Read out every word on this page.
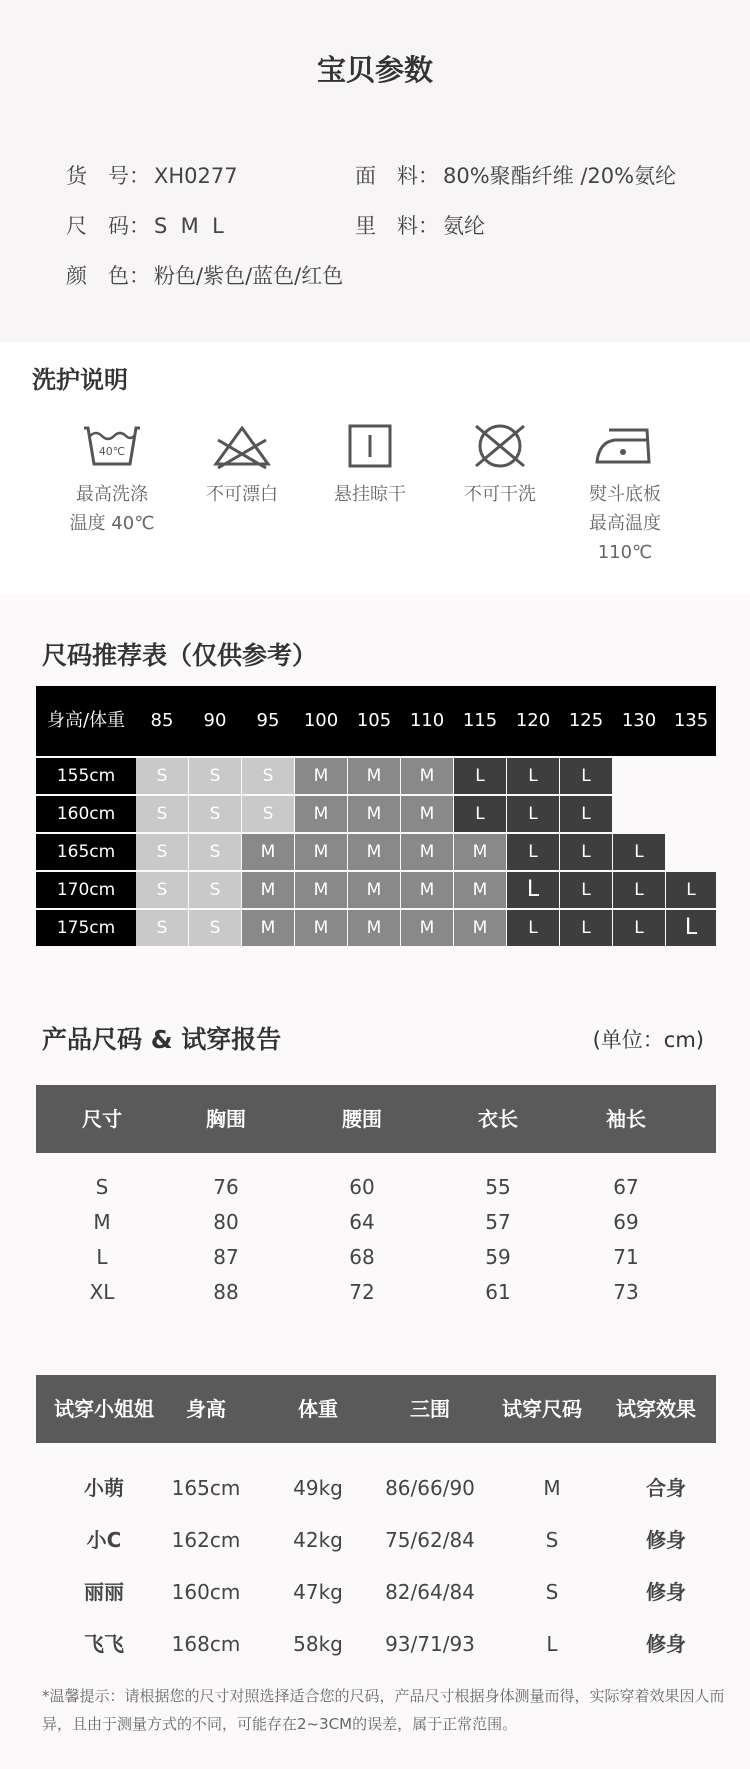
宝贝参数
货　号： XH0277	面　料： 80%聚酯纤维 /20%氨纶
尺　码： S  M  L	里　料： 氨纶
颜　色： 粉色/紫色/蓝色/红色
洗护说明
40℃
最高洗涤
温度 40℃
不可漂白	悬挂晾干	不可干洗	熨斗底板
最高温度
110℃
尺码推荐表（仅供参考）
身高/体重	85	90	95	100	105	110	115	120	125	130 135
155cm	S	S	S	M	M	M	L	L	L
160cm	S	S	S	M	M	M	L	L	L
165cm	S	S	M	M	M	M	M	L	L	L
170cm	S	S	M	M	M	M	M	L	L	L	L
175cm	S	S	M	M	M	M	M	L	L	L	L
产品尺码 & 试穿报告	(单位：cm)
尺寸	胸围	腰围	衣长	袖长
S	76	60	55	67
M	80	64	57	69
L	87	68	59	71
XL	88	72	61	73
试穿小姐姐	身高	体重	三围	试穿尺码	试穿效果
小萌	165cm	49kg	86/66/90	M	合身
小C	162cm	42kg	75/62/84	S	修身
丽丽	160cm	47kg	82/64/84	S	修身
飞飞	168cm	58kg	93/71/93	L	修身
*温馨提示：请根据您的尺寸对照选择适合您的尺码，产品尺寸根据身体测量而得，实际穿着效果因人而异，且由于测量方式的不同，可能存在2~3CM的误差，属于正常范围。
